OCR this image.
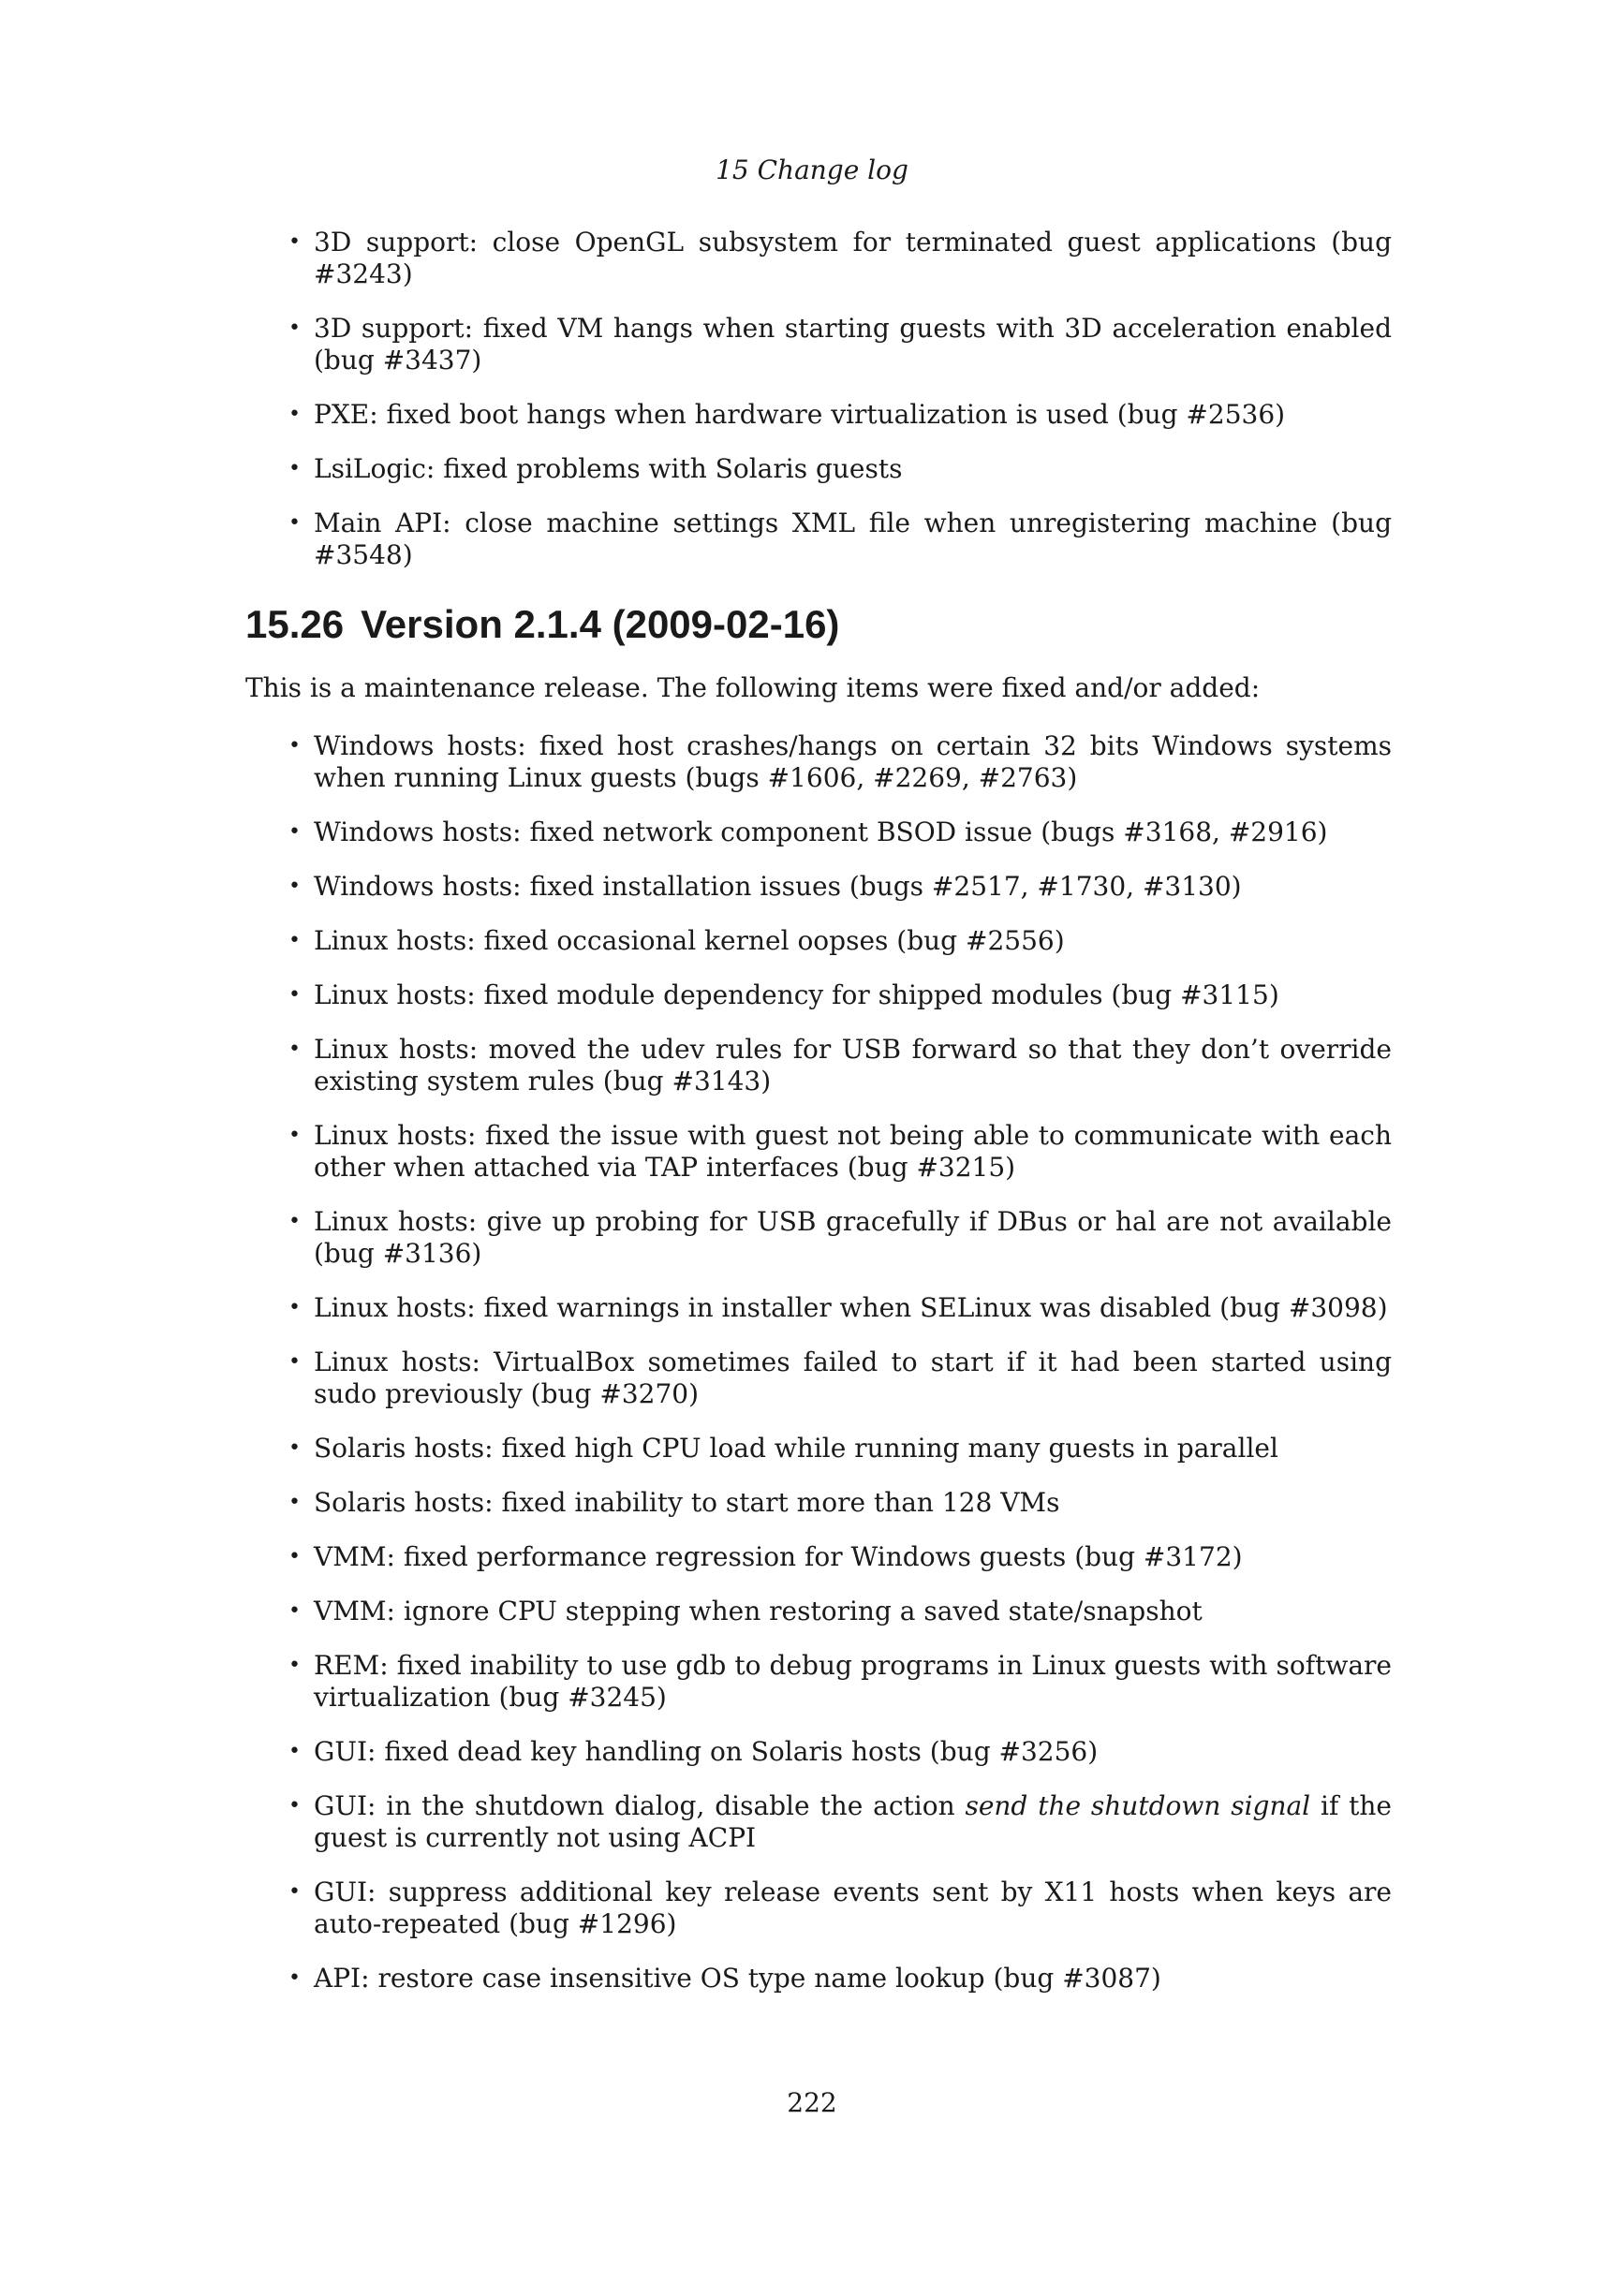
15 Change log
• 3D support: close OpenGL subsystem for terminated guest applications (bug #3243)
• 3D support: fixed VM hangs when starting guests with 3D acceleration enabled (bug #3437)
• PXE: fixed boot hangs when hardware virtualization is used (bug #2536)
• LsiLogic: fixed problems with Solaris guests
• Main API: close machine settings XML file when unregistering machine (bug #3548)
15.26 Version 2.1.4 (2009-02-16)

This is a maintenance release. The following items were fixed and/or added:

• Windows hosts: fixed host crashes/hangs on certain 32 bits Windows systems when running Linux guests (bugs #1606, #2269, #2763)
• Windows hosts: fixed network component BSOD issue (bugs #3168, #2916)
• Windows hosts: fixed installation issues (bugs #2517, #1730, #3130)
• Linux hosts: fixed occasional kernel oopses (bug #2556)
• Linux hosts: fixed module dependency for shipped modules (bug #3115)
• Linux hosts: moved the udev rules for USB forward so that they don’t override existing system rules (bug #3143)
• Linux hosts: fixed the issue with guest not being able to communicate with each other when attached via TAP interfaces (bug #3215)
• Linux hosts: give up probing for USB gracefully if DBus or hal are not available (bug #3136)
• Linux hosts: fixed warnings in installer when SELinux was disabled (bug #3098)
• Linux hosts: VirtualBox sometimes failed to start if it had been started using sudo previously (bug #3270)
• Solaris hosts: fixed high CPU load while running many guests in parallel
• Solaris hosts: fixed inability to start more than 128 VMs
• VMM: fixed performance regression for Windows guests (bug #3172)
• VMM: ignore CPU stepping when restoring a saved state/snapshot
• REM: fixed inability to use gdb to debug programs in Linux guests with software virtualization (bug #3245)
• GUI: fixed dead key handling on Solaris hosts (bug #3256)
• GUI: in the shutdown dialog, disable the action send the shutdown signal if the guest is currently not using ACPI
• GUI: suppress additional key release events sent by X11 hosts when keys are auto-repeated (bug #1296)
• API: restore case insensitive OS type name lookup (bug #3087)
222
